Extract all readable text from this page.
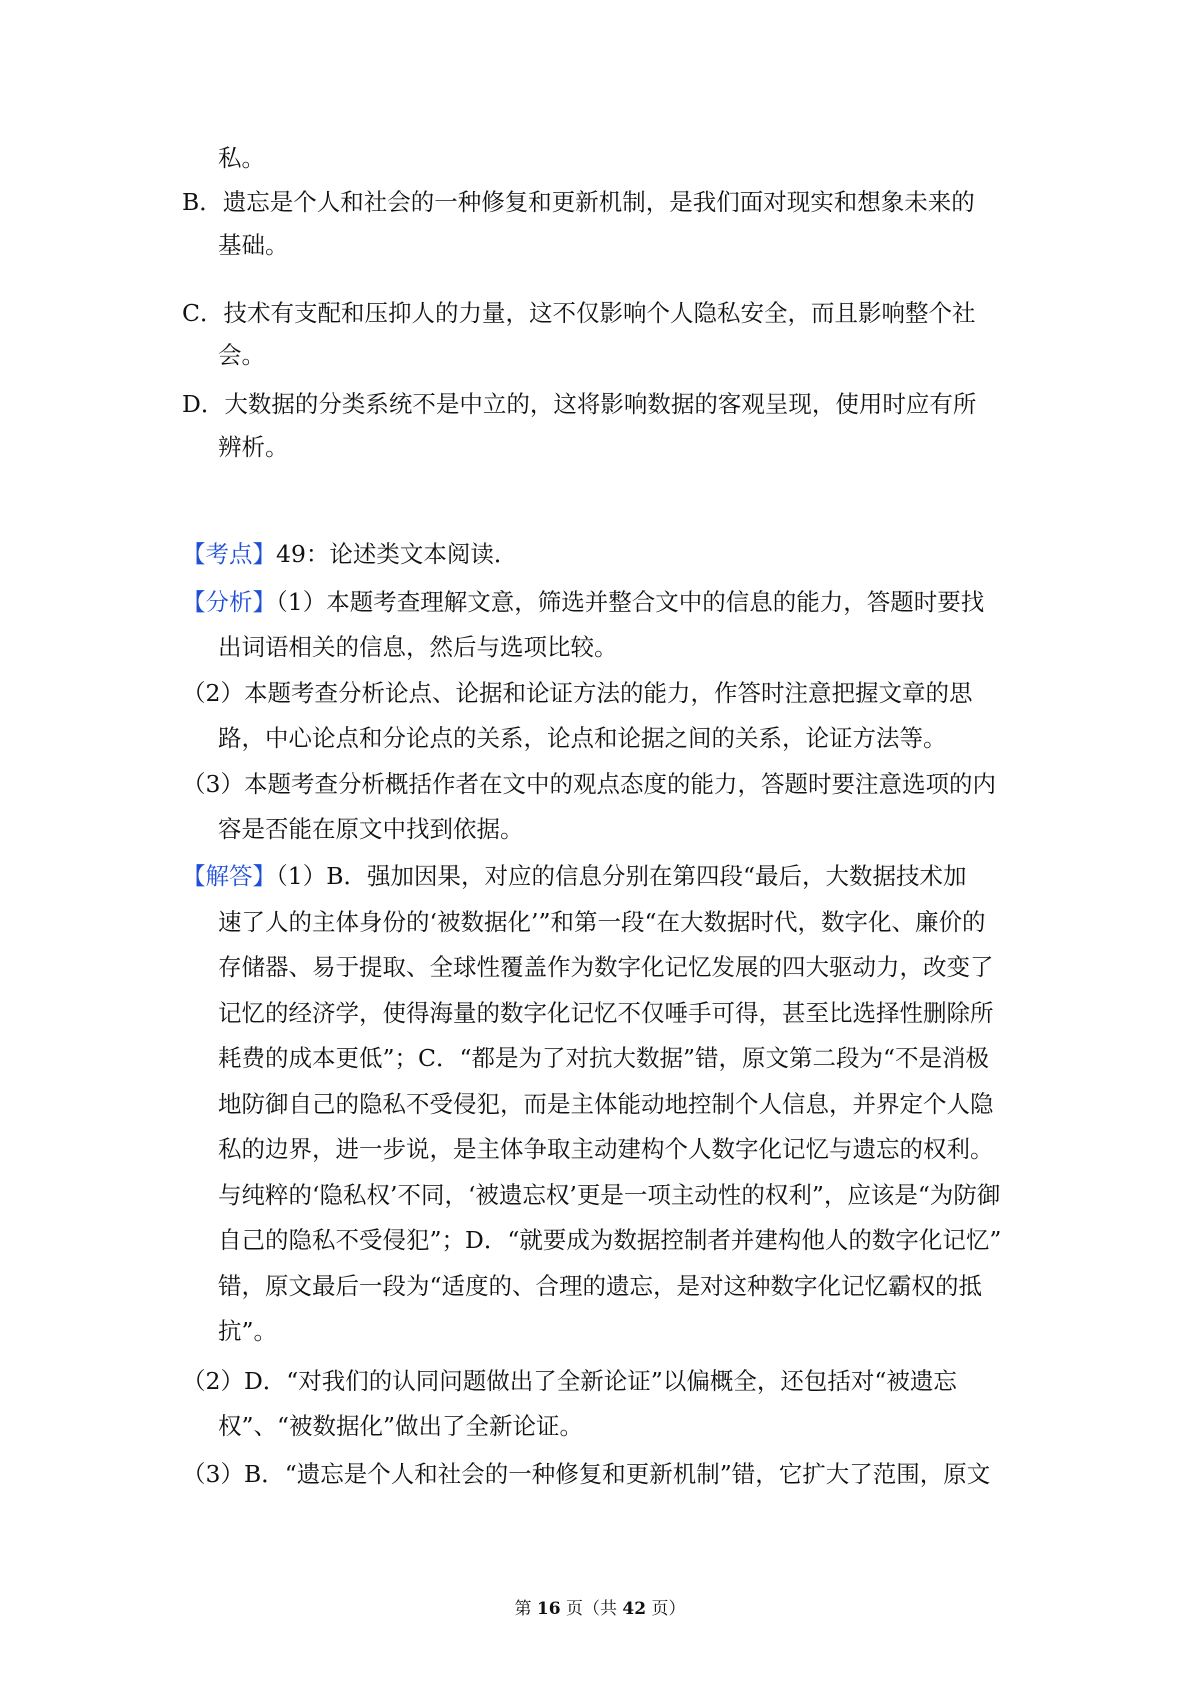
私。
B．遗忘是个人和社会的一种修复和更新机制，是我们面对现实和想象未来的
基础。
C．技术有支配和压抑人的力量，这不仅影响个人隐私安全，而且影响整个社
会。
D．大数据的分类系统不是中立的，这将影响数据的客观呈现，使用时应有所
辨析。
【考点】49：论述类文本阅读．
【分析】（1）本题考查理解文意，筛选并整合文中的信息的能力，答题时要找
出词语相关的信息，然后与选项比较。
（2）本题考查分析论点、论据和论证方法的能力，作答时注意把握文章的思
路，中心论点和分论点的关系，论点和论据之间的关系，论证方法等。
（3）本题考查分析概括作者在文中的观点态度的能力，答题时要注意选项的内
容是否能在原文中找到依据。
【解答】（1）B．强加因果，对应的信息分别在第四段“最后，大数据技术加
速了人的主体身份的‘被数据化’”和第一段“在大数据时代，数字化、廉价的
存储器、易于提取、全球性覆盖作为数字化记忆发展的四大驱动力，改变了
记忆的经济学，使得海量的数字化记忆不仅唾手可得，甚至比选择性删除所
耗费的成本更低”；C．“都是为了对抗大数据”错，原文第二段为“不是消极
地防御自己的隐私不受侵犯，而是主体能动地控制个人信息，并界定个人隐
私的边界，进一步说，是主体争取主动建构个人数字化记忆与遗忘的权利。
与纯粹的‘隐私权’不同，‘被遗忘权’更是一项主动性的权利”，应该是“为防御
自己的隐私不受侵犯”；D．“就要成为数据控制者并建构他人的数字化记忆”
错，原文最后一段为“适度的、合理的遗忘，是对这种数字化记忆霸权的抵
抗”。
（2）D．“对我们的认同问题做出了全新论证”以偏概全，还包括对“被遗忘
权”、“被数据化”做出了全新论证。
（3）B．“遗忘是个人和社会的一种修复和更新机制”错，它扩大了范围，原文
第 16 页（共 42 页）
